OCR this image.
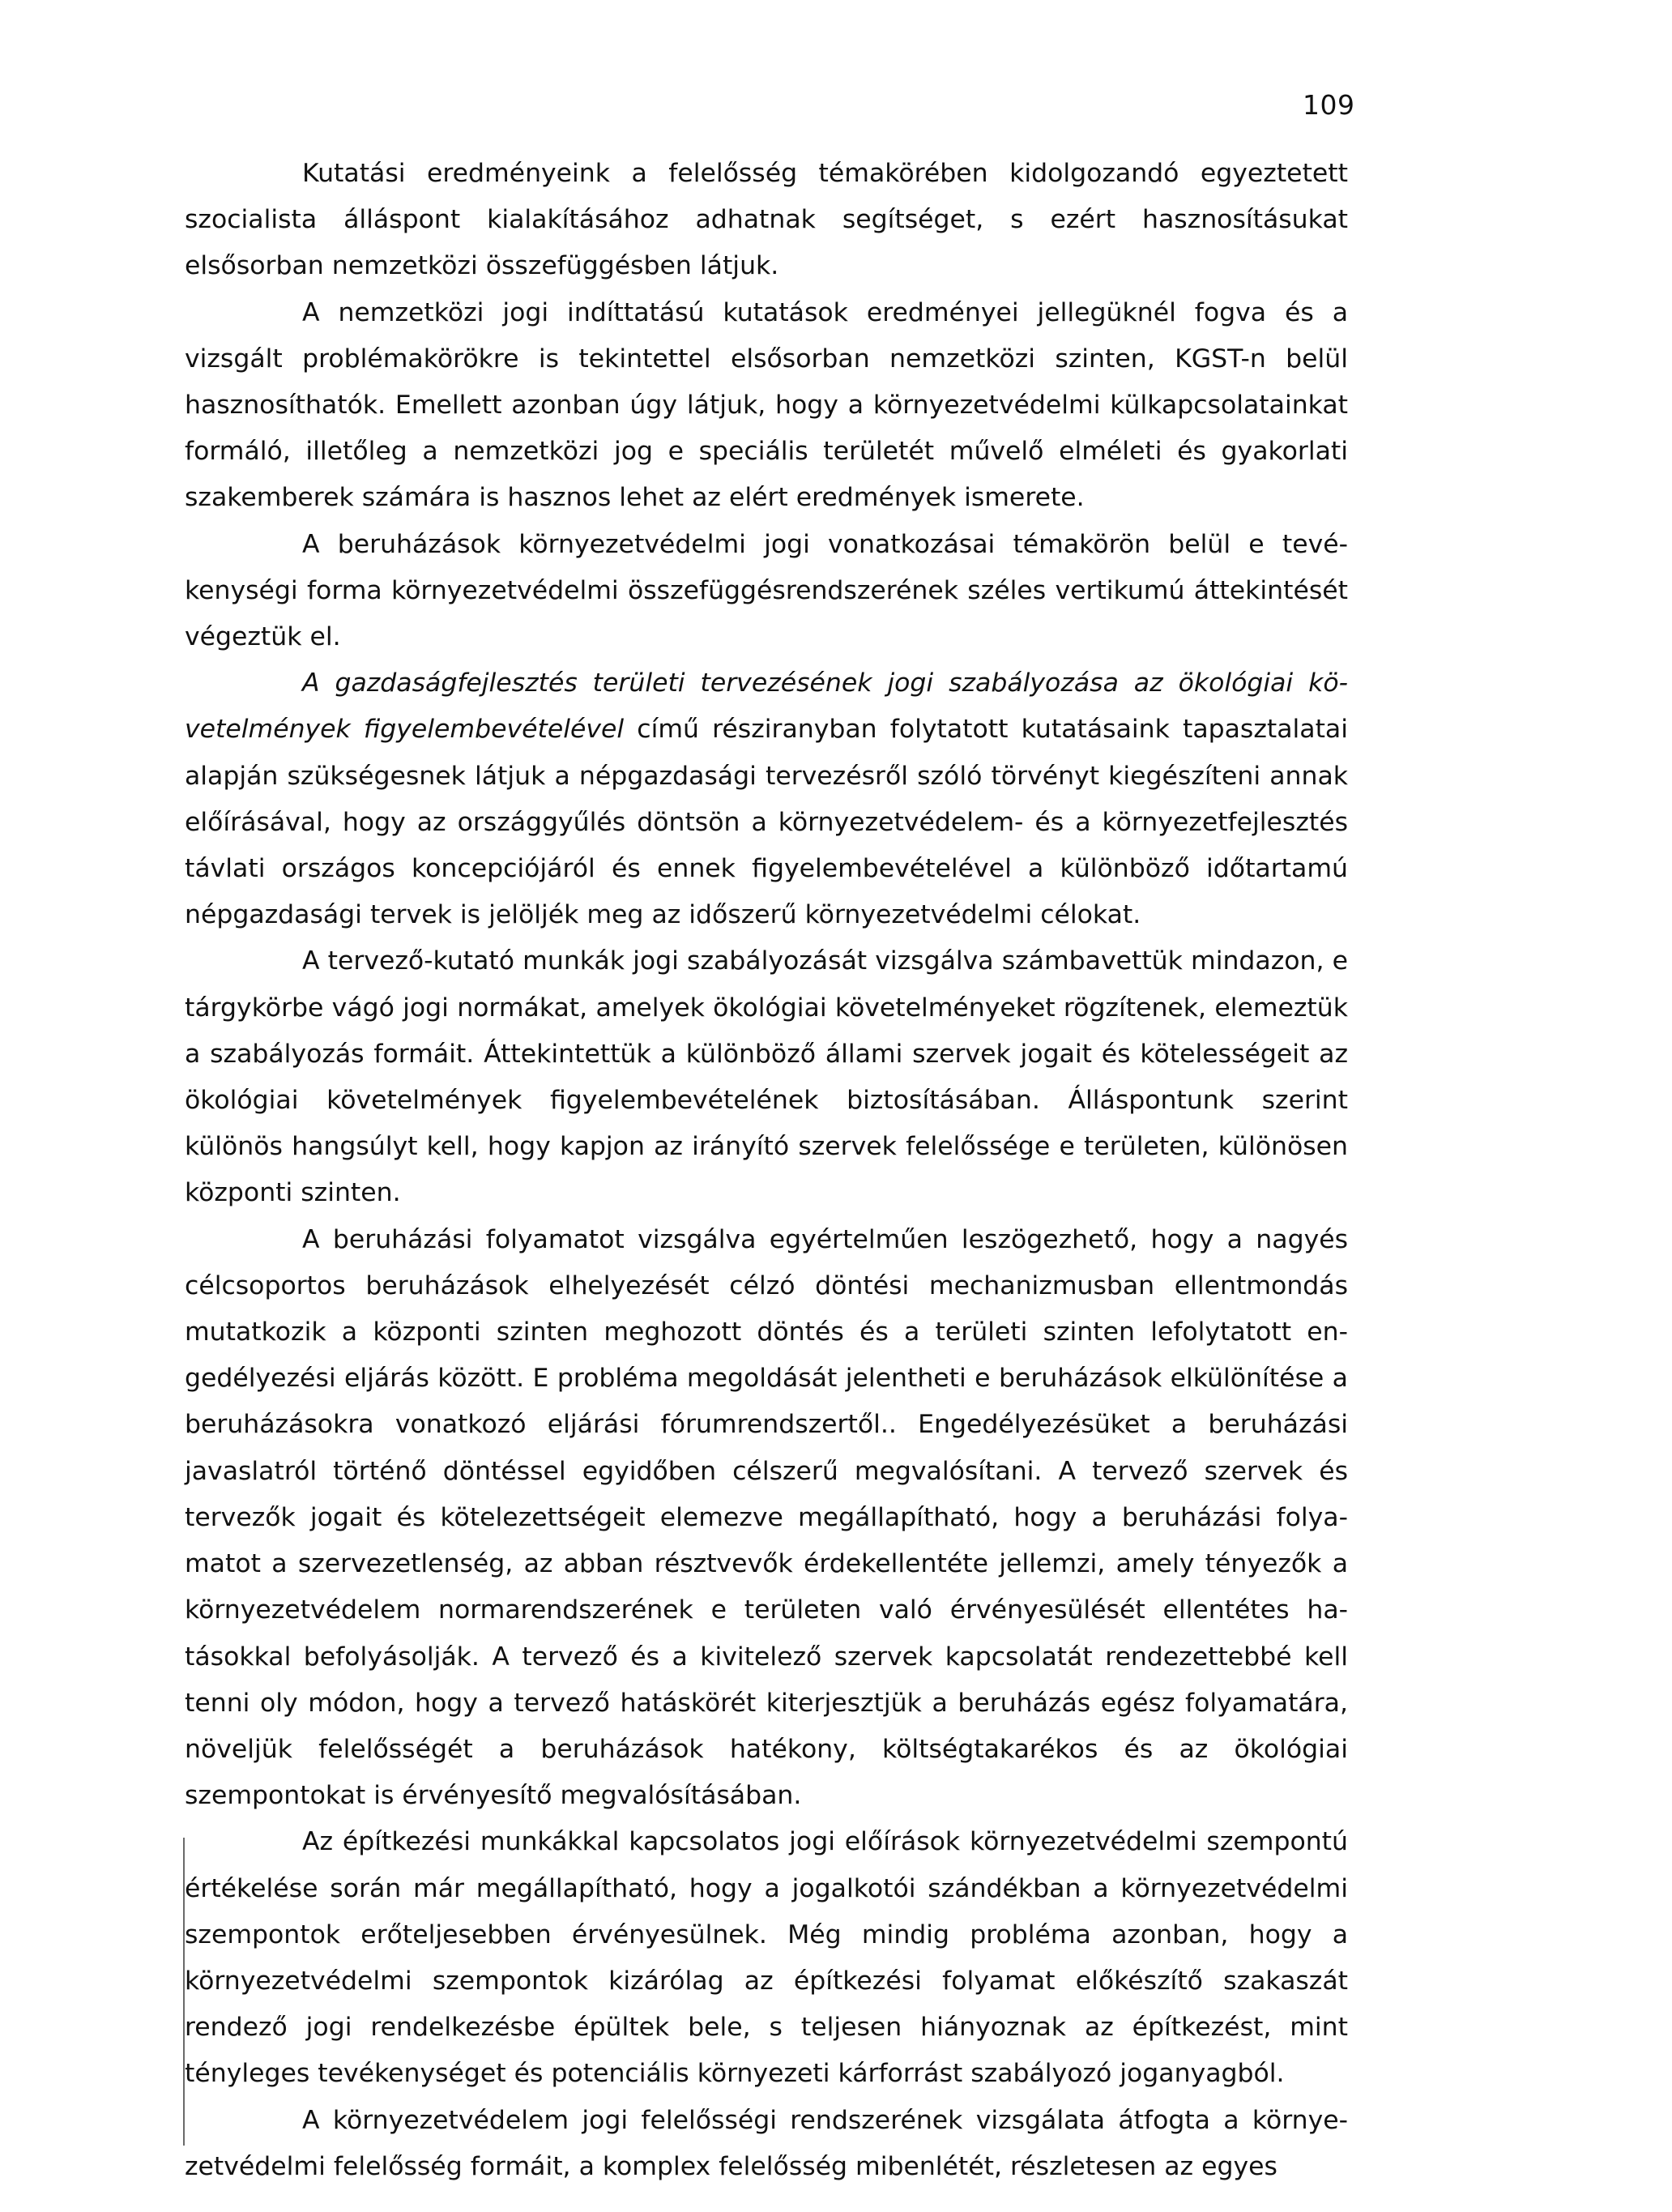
109

Kutatási eredményeink a felelősség témakörében kidolgozandó egyeztetett szocialista álláspont kialakításához adhatnak segítséget, s ezért hasznosításukat elsősorban nemzetközi összefüggésben látjuk.

A nemzetközi jogi indíttatású kutatások eredményei jellegüknél fogva és a vizsgált problémakörökre is tekintettel elsősorban nemzetközi szinten, KGST-n belül hasznosíthatók. Emellett azonban úgy látjuk, hogy a környezetvédelmi külkapcsolatainkat formáló, illetőleg a nemzetközi jog e speciális területét művelő elméleti és gyakorlati szakemberek számára is hasznos lehet az elért eredmények ismerete.

A beruházások környezetvédelmi jogi vonatkozásai témakörön belül e tevékenységi forma környezetvédelmi összefüggésrendszerének széles vertikumú áttekintését végeztük el.

A gazdaságfejlesztés területi tervezésének jogi szabályozása az ökológiai követelmények figyelembevételével című résziranyban folytatott kutatásaink tapasztalatai alapján szükségesnek látjuk a népgazdasági tervezésről szóló törvényt kiegészíteni annak előírásával, hogy az országgyűlés döntsön a környezetvédelem- és a környezetfejlesztés távlati országos koncepciójáról és ennek figyelembevételével a különböző időtartamú népgazdasági tervek is jelöljék meg az időszerű környezetvédelmi célokat.

A tervező-kutató munkák jogi szabályozását vizsgálva számbavettük mindazon, e tárgykörbe vágó jogi normákat, amelyek ökológiai követelményeket rögzítenek, elemeztük a szabályozás formáit. Áttekintettük a különböző állami szervek jogait és kötelességeit az ökológiai követelmények figyelembevételének biztosításában. Álláspontunk szerint különös hangsúlyt kell, hogy kapjon az irányító szervek felelőssége e területen, különösen központi szinten.

A beruházási folyamatot vizsgálva egyértelműen leszögezhető, hogy a nagyés célcsoportos beruházások elhelyezését célzó döntési mechanizmusban ellentmondás mutatkozik a központi szinten meghozott döntés és a területi szinten lefolytatott engedélyezési eljárás között. E probléma megoldását jelentheti e beruházások elkülönítése a beruházásokra vonatkozó eljárási fórumrendszertől.. Engedélyezésüket a beruházási javaslatról történő döntéssel egyidőben célszerű megvalósítani. A tervező szervek és tervezők jogait és kötelezettségeit elemezve megállapítható, hogy a beruházási folyamatot a szervezetlenség, az abban résztvevők érdekellentéte jellemzi, amely tényezők a környezetvédelem normarendszerének e területen való érvényesülését ellentétes hatásokkal befolyásolják. A tervező és a kivitelező szervek kapcsolatát rendezettebbé kell tenni oly módon, hogy a tervező hatáskörét kiterjesztjük a beruházás egész folyamatára, növeljük felelősségét a beruházások hatékony, költségtakarékos és az ökológiai szempontokat is érvényesítő megvalósításában.

Az építkezési munkákkal kapcsolatos jogi előírások környezetvédelmi szempontú értékelése során már megállapítható, hogy a jogalkotói szándékban a környezetvédelmi szempontok erőteljesebben érvényesülnek. Még mindig probléma azonban, hogy a környezetvédelmi szempontok kizárólag az építkezési folyamat előkészítő szakaszát rendező jogi rendelkezésbe épültek bele, s teljesen hiányoznak az építkezést, mint tényleges tevékenységet és potenciális környezeti kárforrást szabályozó joganyagból.

A környezetvédelem jogi felelősségi rendszerének vizsgálata átfogta a környezetvédelmi felelősség formáit, a komplex felelősség mibenlétét, részletesen az egyes
